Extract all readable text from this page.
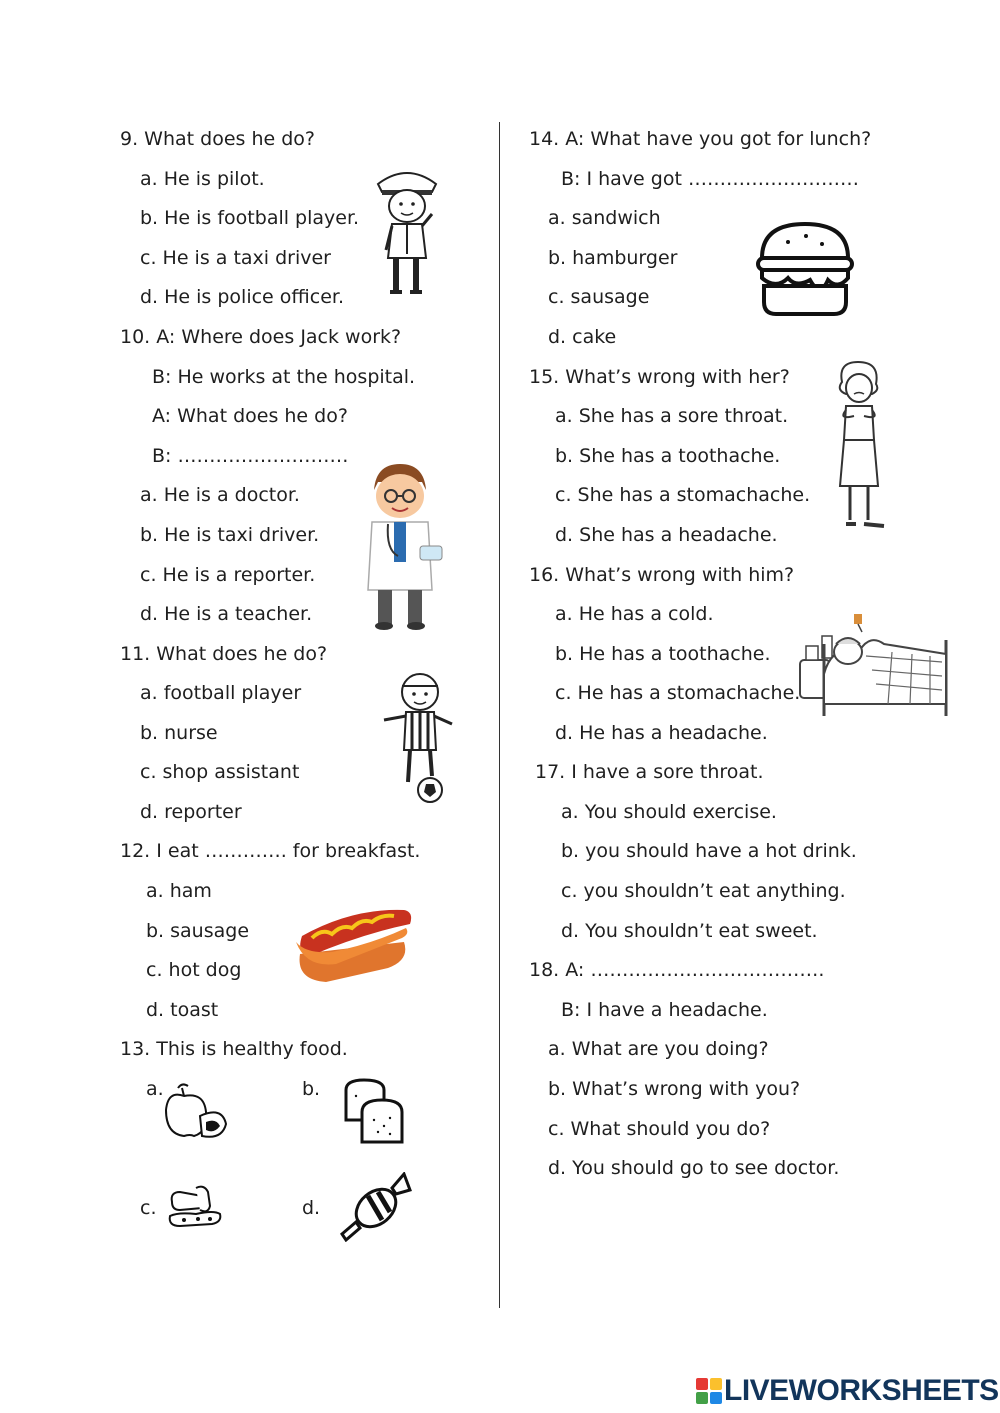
9. What does he do?
a. He is pilot.
b. He is football player.
c. He is a taxi driver
d. He is police officer.
10. A: Where does Jack work?
B: He works at the hospital.
A: What does he do?
B: ………………………
a. He is a doctor.
b. He is taxi driver.
c. He is a reporter.
d. He is a teacher.
11. What does he do?
a. football player
b. nurse
c. shop assistant
d. reporter
12. I eat …………. for breakfast.
a. ham
b. sausage
c. hot dog
d. toast
13. This is healthy food.
a.	b.
c.	d.
14. A: What have you got for lunch?
B: I have got ………………………
a. sandwich
b. hamburger
c. sausage
d. cake
15. What’s wrong with her?
a. She has a sore throat.
b. She has a toothache.
c. She has a stomachache.
d. She has a headache.
16. What’s wrong with him?
a. He has a cold.
b. He has a toothache.
c. He has a stomachache.
d. He has a headache.
17. I have a sore throat.
a. You should exercise.
b. you should have a hot drink.
c. you shouldn’t eat anything.
d. You shouldn’t eat sweet.
18. A: ……………………………….
B: I have a headache.
a. What are you doing?
b. What’s wrong with you?
c. What should you do?
d. You should go to see doctor.
LIVEWORKSHEETS
